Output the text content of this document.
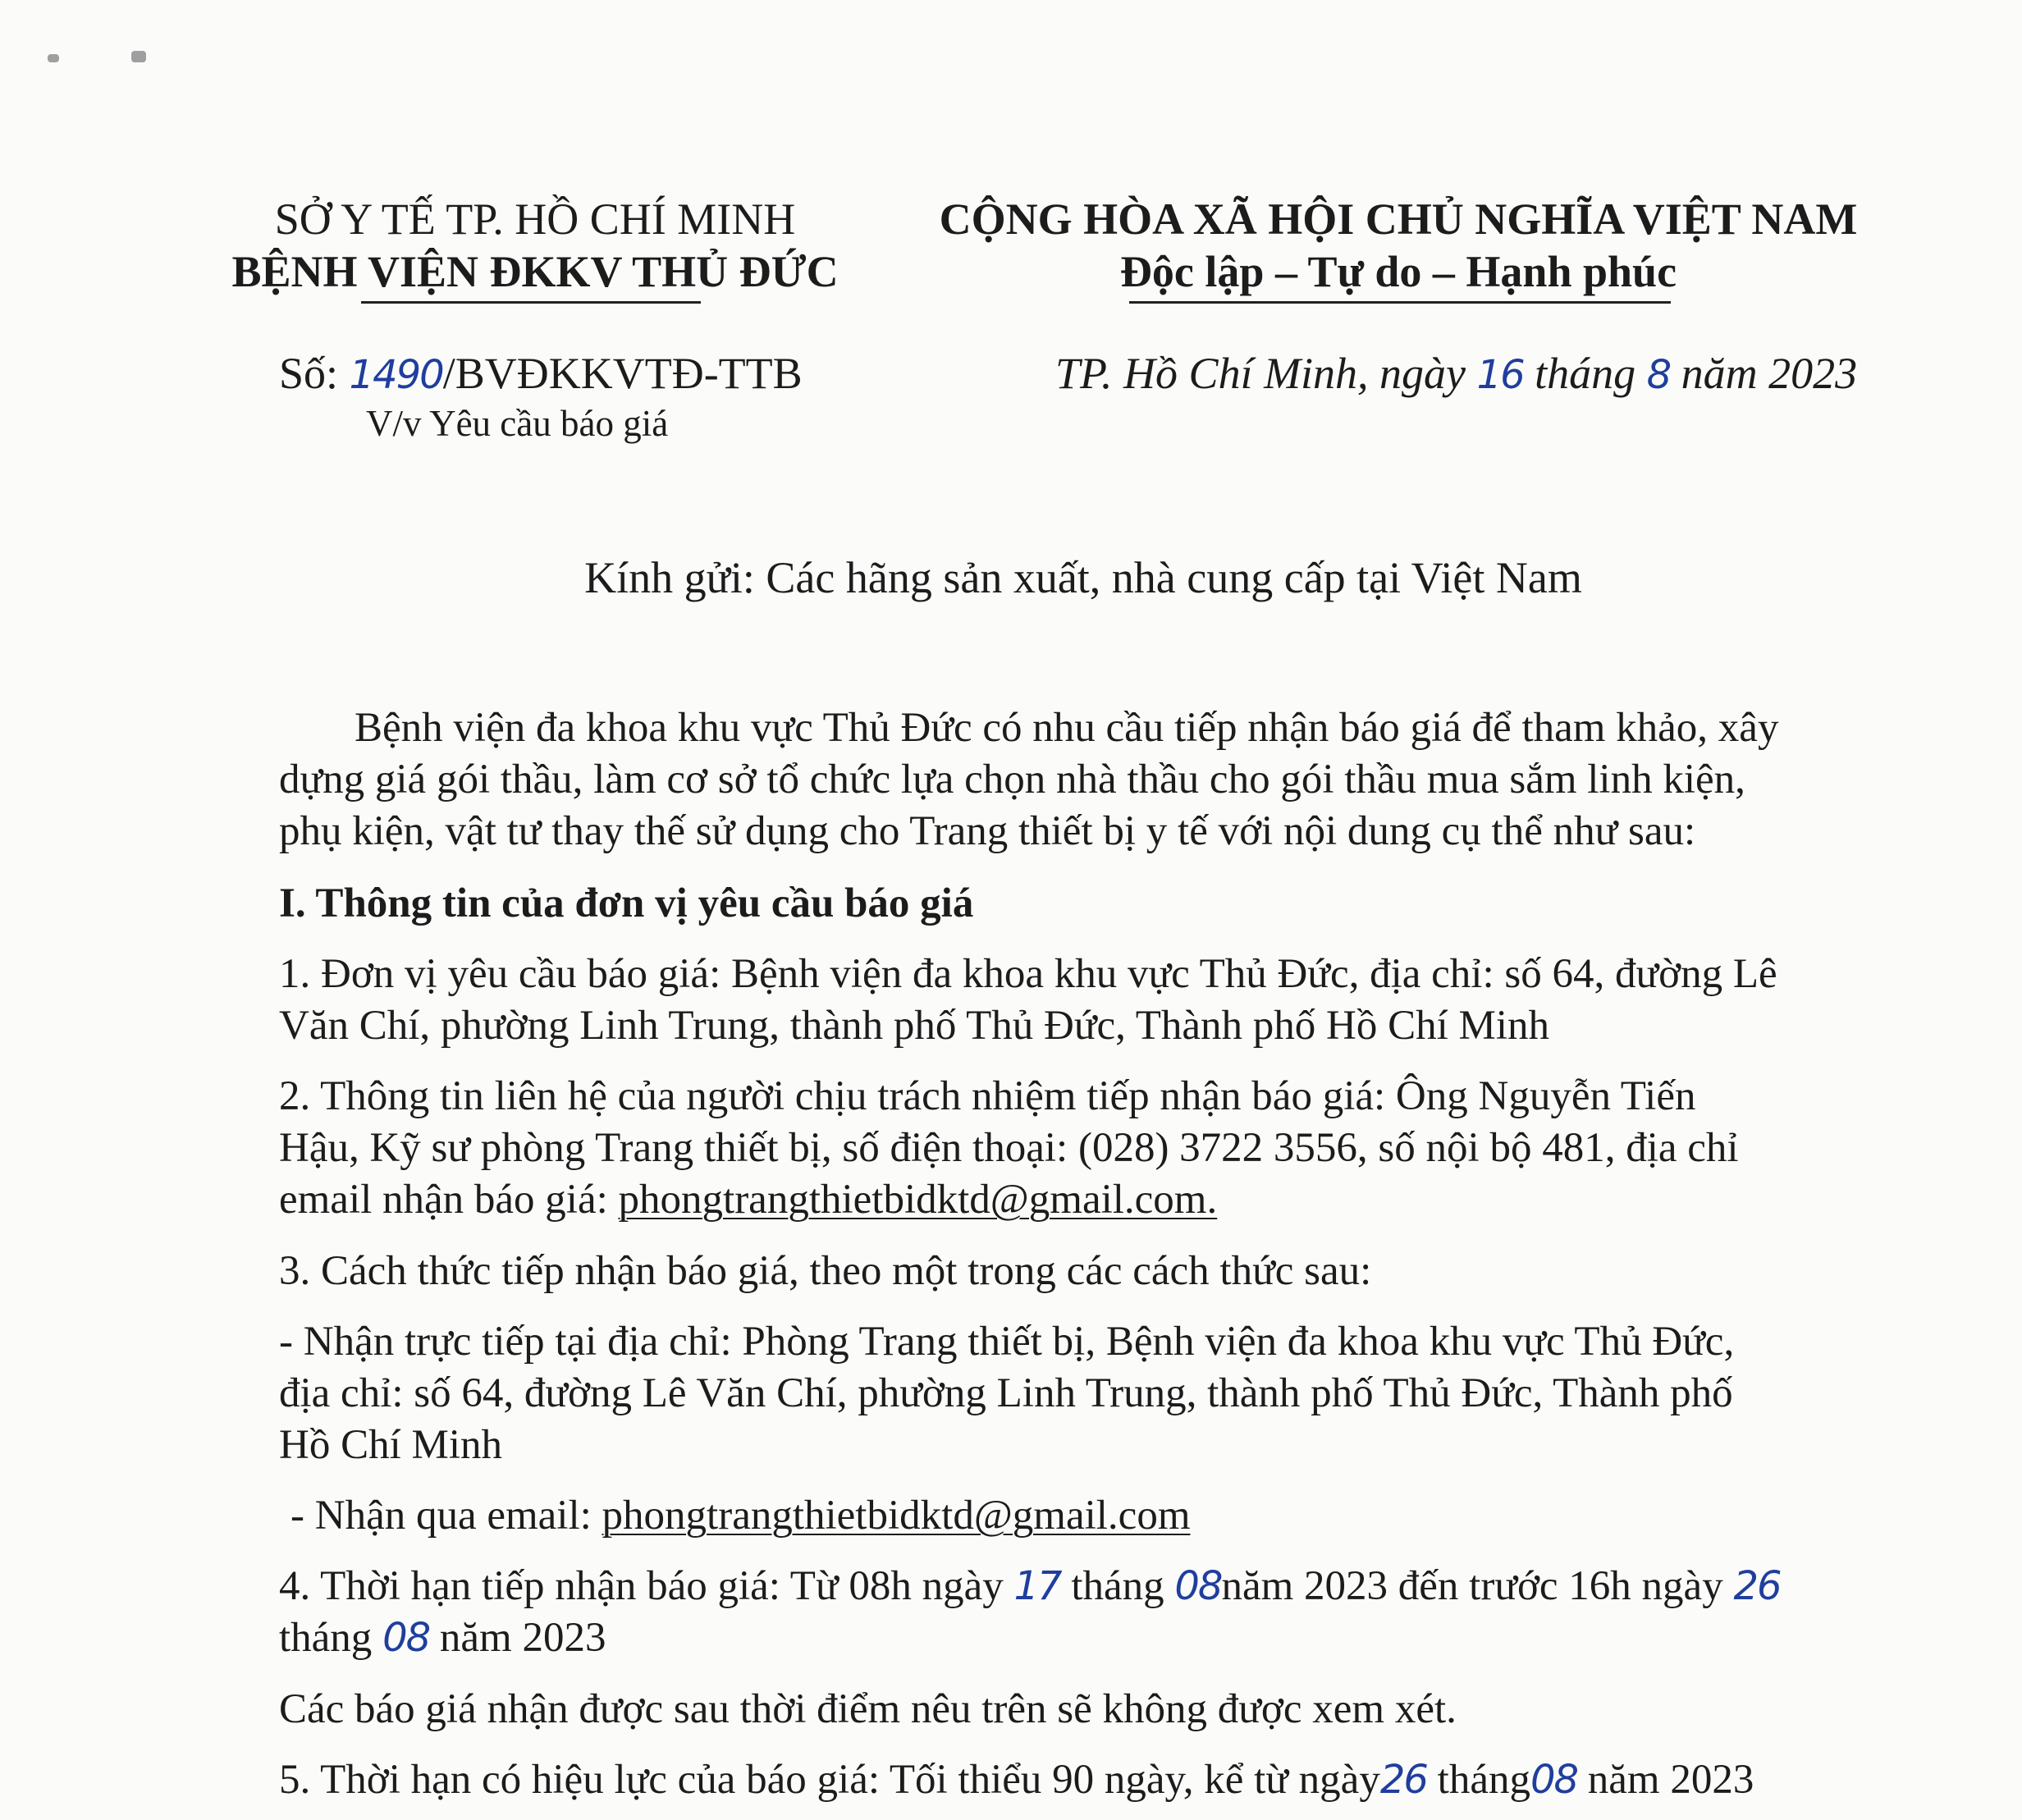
SỞ Y TẾ TP. HỒ CHÍ MINH
BỆNH VIỆN ĐKKV THỦ ĐỨC
CỘNG HÒA XÃ HỘI CHỦ NGHĨA VIỆT NAM
Độc lập – Tự do – Hạnh phúc
Số: 1490/BVĐKKVTĐ-TTB
V/v Yêu cầu báo giá
TP. Hồ Chí Minh, ngày 16 tháng 8 năm 2023
Kính gửi: Các hãng sản xuất, nhà cung cấp tại Việt Nam
Bệnh viện đa khoa khu vực Thủ Đức có nhu cầu tiếp nhận báo giá để tham khảo, xây
dựng giá gói thầu, làm cơ sở tổ chức lựa chọn nhà thầu cho gói thầu mua sắm linh kiện,
phụ kiện, vật tư thay thế sử dụng cho Trang thiết bị y tế với nội dung cụ thể như sau:
I. Thông tin của đơn vị yêu cầu báo giá
1. Đơn vị yêu cầu báo giá: Bệnh viện đa khoa khu vực Thủ Đức, địa chỉ: số 64, đường Lê
Văn Chí, phường Linh Trung, thành phố Thủ Đức, Thành phố Hồ Chí Minh
2. Thông tin liên hệ của người chịu trách nhiệm tiếp nhận báo giá: Ông Nguyễn Tiến
Hậu, Kỹ sư phòng Trang thiết bị, số điện thoại: (028) 3722 3556, số nội bộ 481, địa chỉ
email nhận báo giá: phongtrangthietbidktd@gmail.com.
3. Cách thức tiếp nhận báo giá, theo một trong các cách thức sau:
- Nhận trực tiếp tại địa chỉ: Phòng Trang thiết bị, Bệnh viện đa khoa khu vực Thủ Đức,
địa chỉ: số 64, đường Lê Văn Chí, phường Linh Trung, thành phố Thủ Đức, Thành phố
Hồ Chí Minh
- Nhận qua email: phongtrangthietbidktd@gmail.com
4. Thời hạn tiếp nhận báo giá: Từ 08h ngày 17 tháng 08năm 2023 đến trước 16h ngày 26
tháng 08 năm 2023
Các báo giá nhận được sau thời điểm nêu trên sẽ không được xem xét.
5. Thời hạn có hiệu lực của báo giá: Tối thiểu 90 ngày, kể từ ngày26 tháng08 năm 2023
